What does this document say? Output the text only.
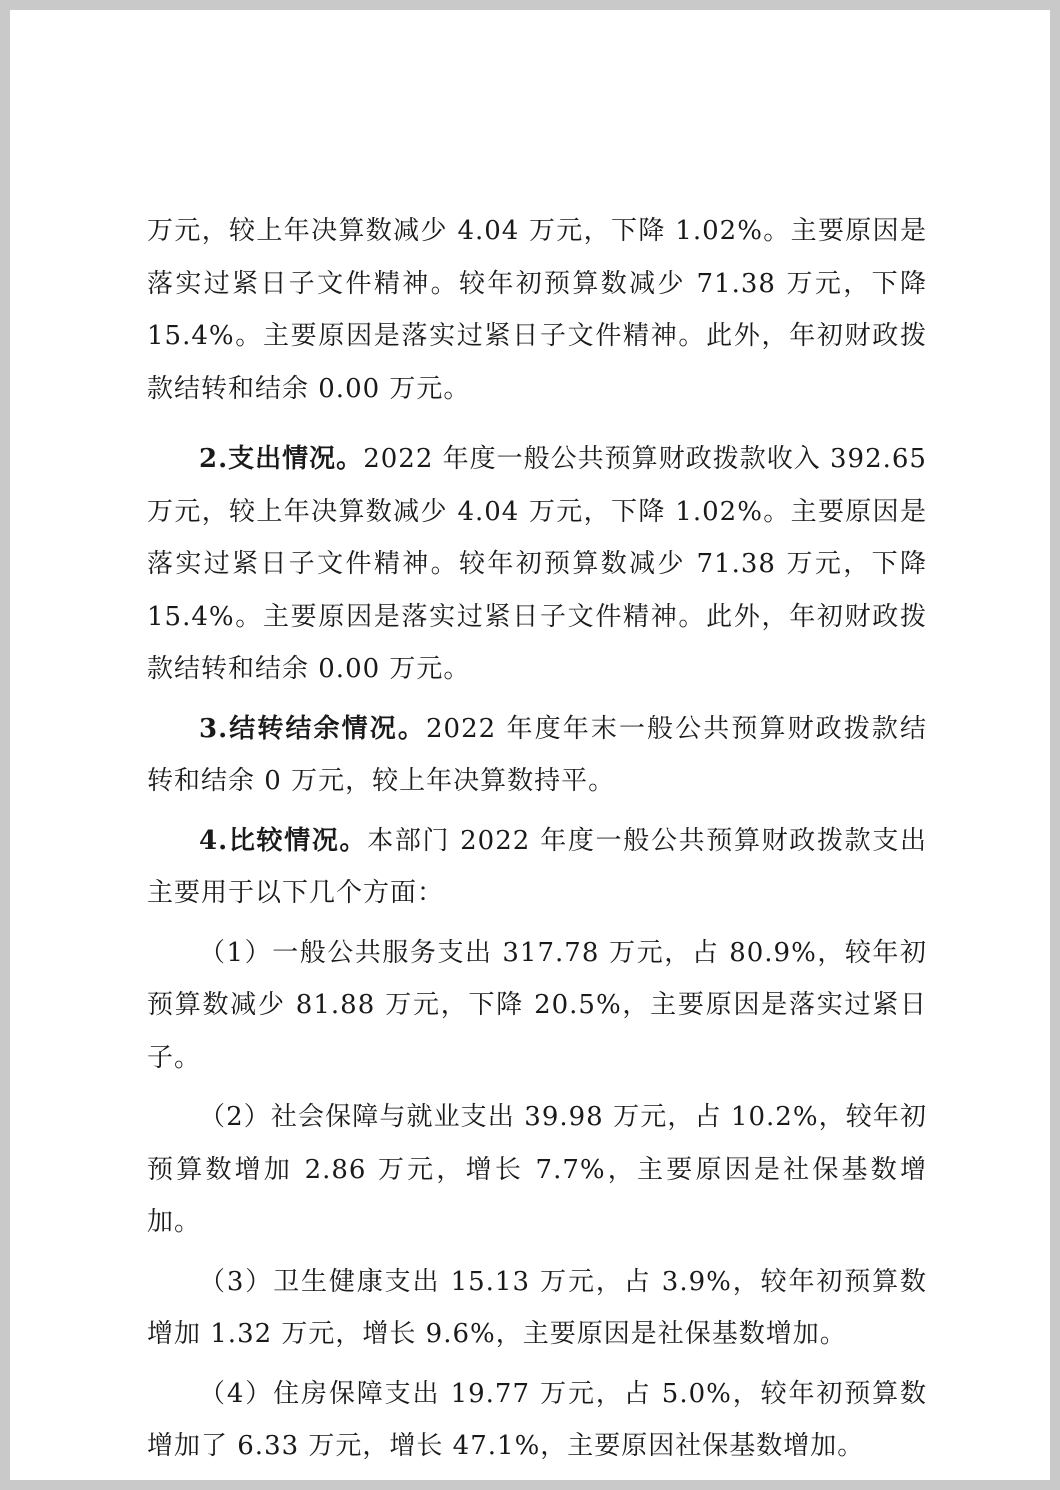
万元，较上年决算数减少 4.04 万元，下降 1.02%。主要原因是落实过紧日子文件精神。较年初预算数减少 71.38 万元，下降 15.4%。主要原因是落实过紧日子文件精神。此外，年初财政拨款结转和结余 0.00 万元。

2.支出情况。2022 年度一般公共预算财政拨款收入 392.65 万元，较上年决算数减少 4.04 万元，下降 1.02%。主要原因是落实过紧日子文件精神。较年初预算数减少 71.38 万元，下降 15.4%。主要原因是落实过紧日子文件精神。此外，年初财政拨款结转和结余 0.00 万元。

3.结转结余情况。2022 年度年末一般公共预算财政拨款结转和结余 0 万元，较上年决算数持平。

4.比较情况。本部门 2022 年度一般公共预算财政拨款支出主要用于以下几个方面：

（1）一般公共服务支出 317.78 万元，占 80.9%，较年初预算数减少 81.88 万元，下降 20.5%，主要原因是落实过紧日子。

（2）社会保障与就业支出 39.98 万元，占 10.2%，较年初预算数增加 2.86 万元，增长 7.7%，主要原因是社保基数增加。

（3）卫生健康支出 15.13 万元，占 3.9%，较年初预算数增加 1.32 万元，增长 9.6%，主要原因是社保基数增加。

（4）住房保障支出 19.77 万元，占 5.0%，较年初预算数增加了 6.33 万元，增长 47.1%，主要原因社保基数增加。
